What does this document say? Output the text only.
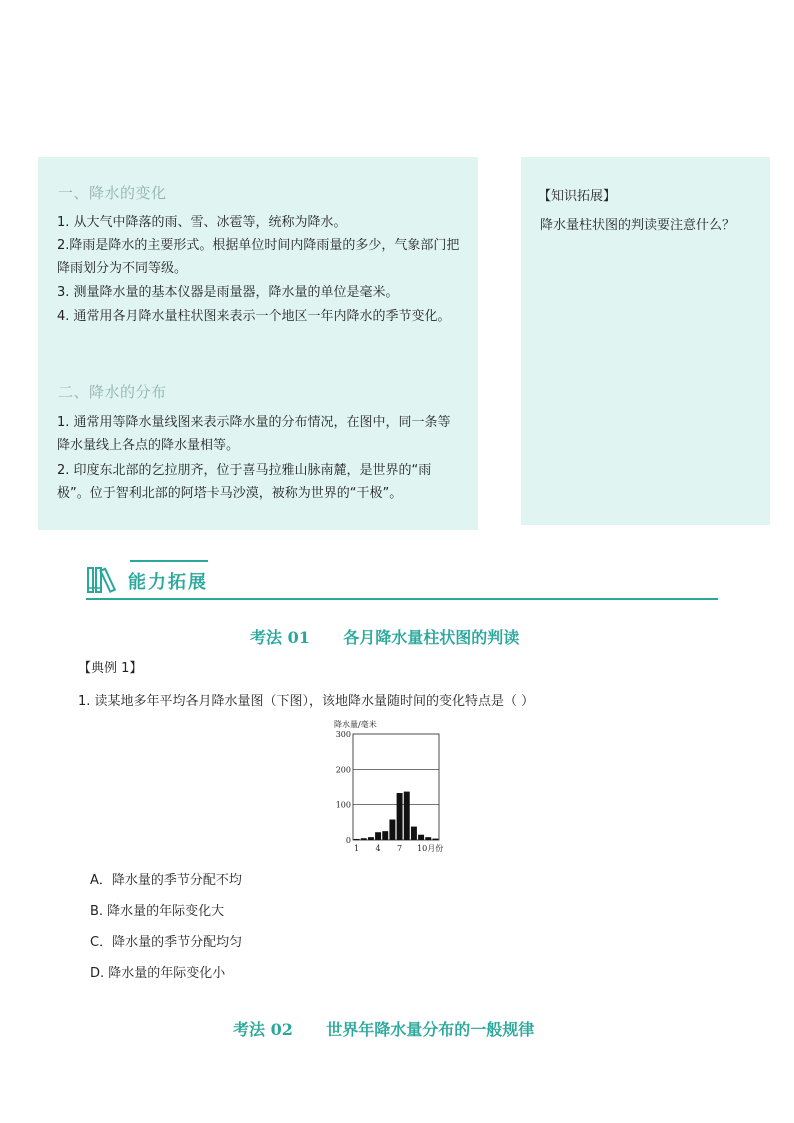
一、降水的变化
1. 从大气中降落的雨、雪、冰雹等，统称为降水。
2.降雨是降水的主要形式。根据单位时间内降雨量的多少，气象部门把降雨划分为不同等级。
3. 测量降水量的基本仪器是雨量器，降水量的单位是毫米。
4. 通常用各月降水量柱状图来表示一个地区一年内降水的季节变化。
二、降水的分布
1. 通常用等降水量线图来表示降水量的分布情况，在图中，同一条等降水量线上各点的降水量相等。
2. 印度东北部的乞拉朋齐，位于喜马拉雅山脉南麓，是世界的“雨极”。位于智利北部的阿塔卡马沙漠，被称为世界的“干极”。
【知识拓展】
降水量柱状图的判读要注意什么？
能力拓展
考法 01      各月降水量柱状图的判读
【典例 1】
1. 读某地多年平均各月降水量图（下图），该地降水量随时间的变化特点是（ ）
降水量/毫米
0
100
200
300
1 4 7 10月份
A．降水量的季节分配不均
B. 降水量的年际变化大
C．降水量的季节分配均匀
D. 降水量的年际变化小
考法 02      世界年降水量分布的一般规律
